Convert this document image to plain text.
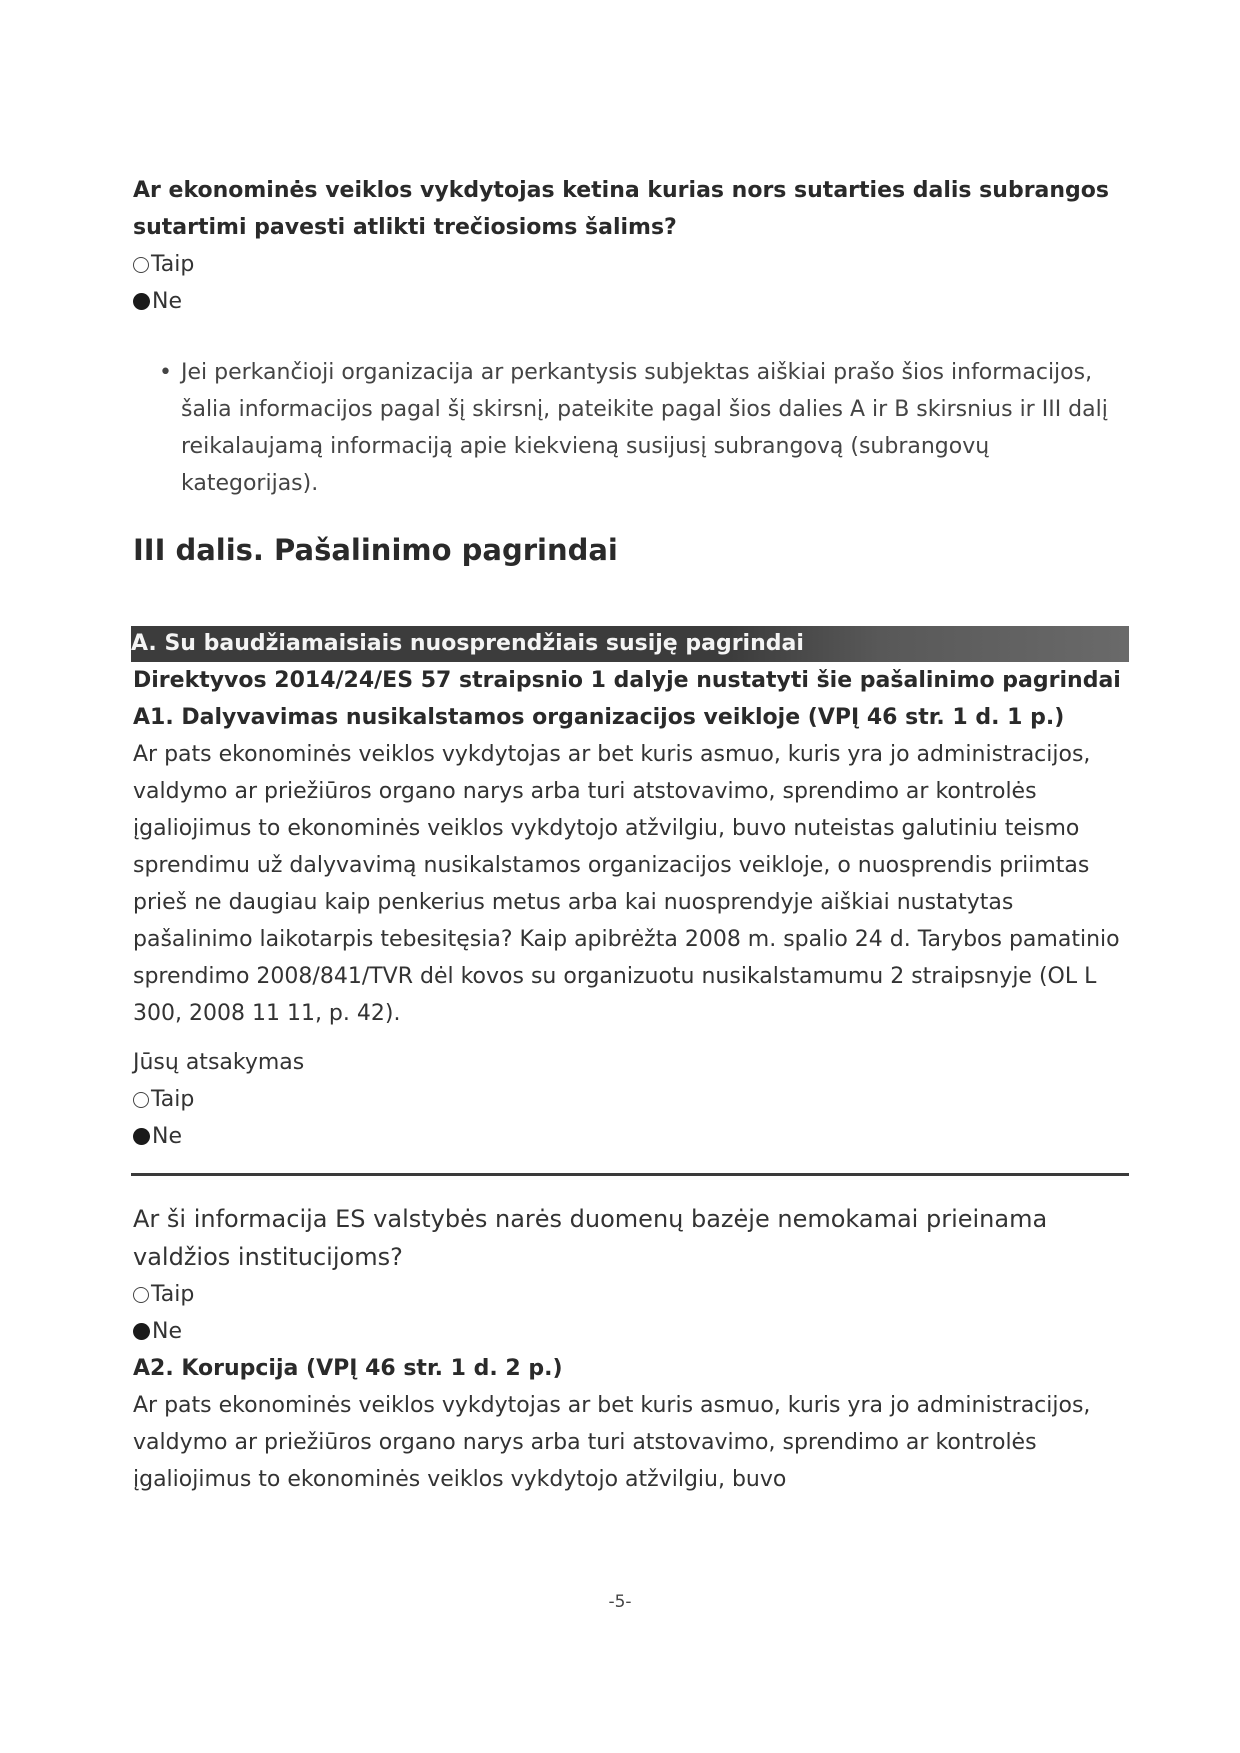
Ar ekonominės veiklos vykdytojas ketina kurias nors sutarties dalis subrangos sutartimi pavesti atlikti trečiosioms šalims?

Taip

Ne

• Jei perkančioji organizacija ar perkantysis subjektas aiškiai prašo šios informacijos, šalia informacijos pagal šį skirsnį, pateikite pagal šios dalies A ir B skirsnius ir III dalį reikalaujamą informaciją apie kiekvieną susijusį subrangovą (subrangovų kategorijas).
III dalis. Pašalinimo pagrindai
A. Su baudžiamaisiais nuosprendžiais susiję pagrindai

Direktyvos 2014/24/ES 57 straipsnio 1 dalyje nustatyti šie pašalinimo pagrindai

A1. Dalyvavimas nusikalstamos organizacijos veikloje (VPĮ 46 str. 1 d. 1 p.)

Ar pats ekonominės veiklos vykdytojas ar bet kuris asmuo, kuris yra jo administracijos, valdymo ar priežiūros organo narys arba turi atstovavimo, sprendimo ar kontrolės įgaliojimus to ekonominės veiklos vykdytojo atžvilgiu, buvo nuteistas galutiniu teismo sprendimu už dalyvavimą nusikalstamos organizacijos veikloje, o nuosprendis priimtas prieš ne daugiau kaip penkerius metus arba kai nuosprendyje aiškiai nustatytas pašalinimo laikotarpis tebesitęsia? Kaip apibrėžta 2008 m. spalio 24 d. Tarybos pamatinio sprendimo 2008/841/TVR dėl kovos su organizuotu nusikalstamumu 2 straipsnyje (OL L 300, 2008 11 11, p. 42).

Jūsų atsakymas

Taip

Ne

Ar ši informacija ES valstybės narės duomenų bazėje nemokamai prieinama valdžios institucijoms?

Taip

Ne

A2. Korupcija (VPĮ 46 str. 1 d. 2 p.)

Ar pats ekonominės veiklos vykdytojas ar bet kuris asmuo, kuris yra jo administracijos, valdymo ar priežiūros organo narys arba turi atstovavimo, sprendimo ar kontrolės įgaliojimus to ekonominės veiklos vykdytojo atžvilgiu, buvo

-5-
